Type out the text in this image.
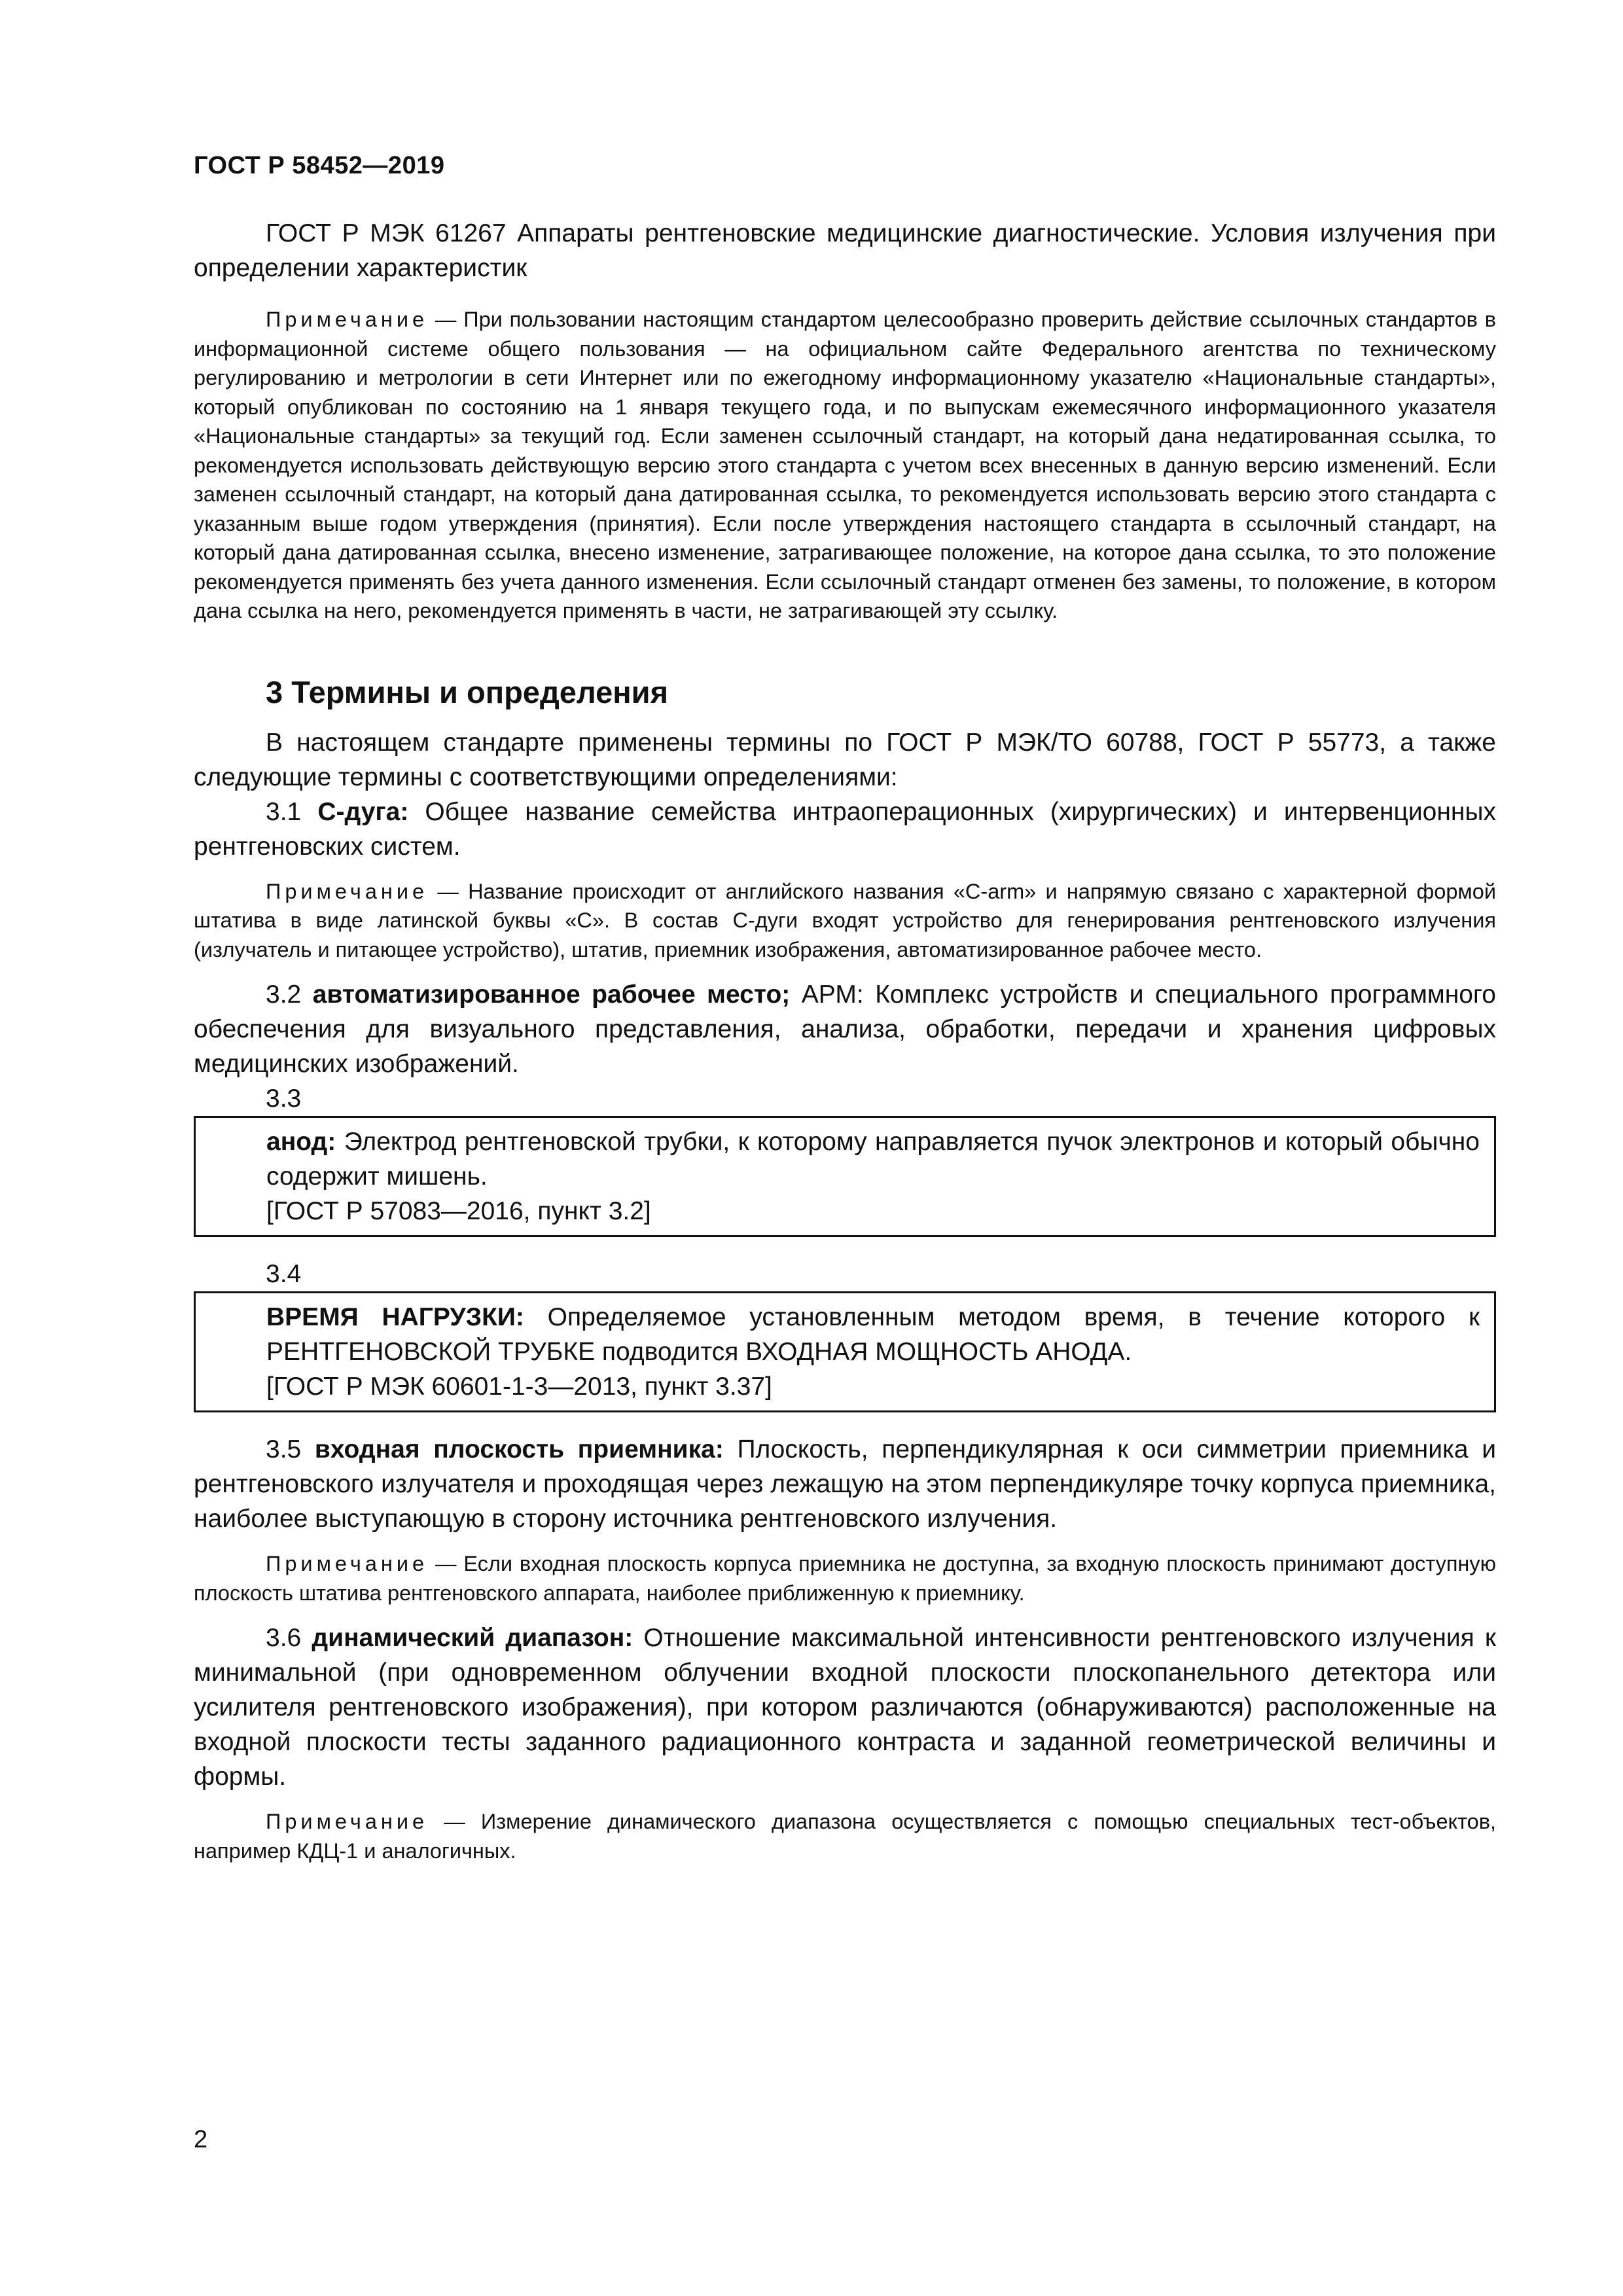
ГОСТ Р 58452—2019

ГОСТ Р МЭК 61267 Аппараты рентгеновские медицинские диагностические. Условия излучения при определении характеристик

Примечание — При пользовании настоящим стандартом целесообразно проверить действие ссылочных стандартов в информационной системе общего пользования — на официальном сайте Федерального агентства по техническому регулированию и метрологии в сети Интернет или по ежегодному информационному указателю «Национальные стандарты», который опубликован по состоянию на 1 января текущего года, и по выпускам ежемесячного информационного указателя «Национальные стандарты» за текущий год. Если заменен ссылочный стандарт, на который дана недатированная ссылка, то рекомендуется использовать действующую версию этого стандарта с учетом всех внесенных в данную версию изменений. Если заменен ссылочный стандарт, на который дана датированная ссылка, то рекомендуется использовать версию этого стандарта с указанным выше годом утверждения (принятия). Если после утверждения настоящего стандарта в ссылочный стандарт, на который дана датированная ссылка, внесено изменение, затрагивающее положение, на которое дана ссылка, то это положение рекомендуется применять без учета данного изменения. Если ссылочный стандарт отменен без замены, то положение, в котором дана ссылка на него, рекомендуется применять в части, не затрагивающей эту ссылку.

3 Термины и определения

В настоящем стандарте применены термины по ГОСТ Р МЭК/ТО 60788, ГОСТ Р 55773, а также следующие термины с соответствующими определениями:

3.1 С-дуга: Общее название семейства интраоперационных (хирургических) и интервенционных рентгеновских систем.

Примечание — Название происходит от английского названия «C-arm» и напрямую связано с характерной формой штатива в виде латинской буквы «С». В состав С-дуги входят устройство для генерирования рентгеновского излучения (излучатель и питающее устройство), штатив, приемник изображения, автоматизированное рабочее место.

3.2 автоматизированное рабочее место; АРМ: Комплекс устройств и специального программного обеспечения для визуального представления, анализа, обработки, передачи и хранения цифровых медицинских изображений.

3.3

анод: Электрод рентгеновской трубки, к которому направляется пучок электронов и который обычно содержит мишень.

[ГОСТ Р 57083—2016, пункт 3.2]

3.4

ВРЕМЯ НАГРУЗКИ: Определяемое установленным методом время, в течение которого к РЕНТГЕНОВСКОЙ ТРУБКЕ подводится ВХОДНАЯ МОЩНОСТЬ АНОДА.

[ГОСТ Р МЭК 60601-1-3—2013, пункт 3.37]

3.5 входная плоскость приемника: Плоскость, перпендикулярная к оси симметрии приемника и рентгеновского излучателя и проходящая через лежащую на этом перпендикуляре точку корпуса приемника, наиболее выступающую в сторону источника рентгеновского излучения.

Примечание — Если входная плоскость корпуса приемника не доступна, за входную плоскость принимают доступную плоскость штатива рентгеновского аппарата, наиболее приближенную к приемнику.

3.6 динамический диапазон: Отношение максимальной интенсивности рентгеновского излучения к минимальной (при одновременном облучении входной плоскости плоскопанельного детектора или усилителя рентгеновского изображения), при котором различаются (обнаруживаются) расположенные на входной плоскости тесты заданного радиационного контраста и заданной геометрической величины и формы.

Примечание — Измерение динамического диапазона осуществляется с помощью специальных тест-объектов, например КДЦ-1 и аналогичных.

2
